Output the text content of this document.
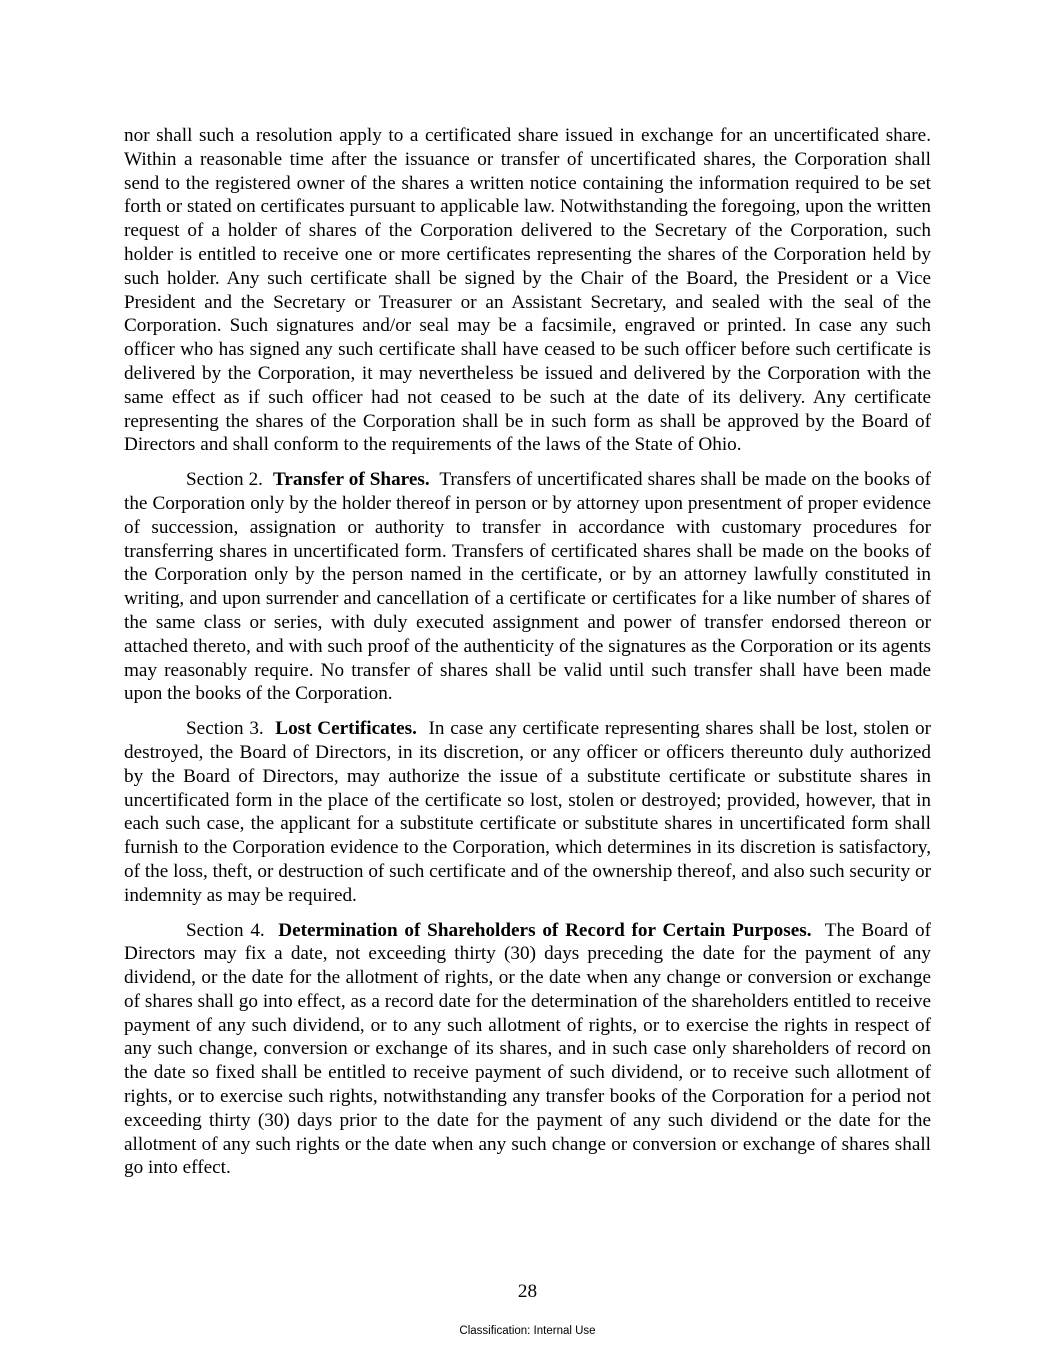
nor shall such a resolution apply to a certificated share issued in exchange for an uncertificated share. Within a reasonable time after the issuance or transfer of uncertificated shares, the Corporation shall send to the registered owner of the shares a written notice containing the information required to be set forth or stated on certificates pursuant to applicable law. Notwithstanding the foregoing, upon the written request of a holder of shares of the Corporation delivered to the Secretary of the Corporation, such holder is entitled to receive one or more certificates representing the shares of the Corporation held by such holder. Any such certificate shall be signed by the Chair of the Board, the President or a Vice President and the Secretary or Treasurer or an Assistant Secretary, and sealed with the seal of the Corporation. Such signatures and/or seal may be a facsimile, engraved or printed. In case any such officer who has signed any such certificate shall have ceased to be such officer before such certificate is delivered by the Corporation, it may nevertheless be issued and delivered by the Corporation with the same effect as if such officer had not ceased to be such at the date of its delivery. Any certificate representing the shares of the Corporation shall be in such form as shall be approved by the Board of Directors and shall conform to the requirements of the laws of the State of Ohio.

Section 2. Transfer of Shares. Transfers of uncertificated shares shall be made on the books of the Corporation only by the holder thereof in person or by attorney upon presentment of proper evidence of succession, assignation or authority to transfer in accordance with customary procedures for transferring shares in uncertificated form. Transfers of certificated shares shall be made on the books of the Corporation only by the person named in the certificate, or by an attorney lawfully constituted in writing, and upon surrender and cancellation of a certificate or certificates for a like number of shares of the same class or series, with duly executed assignment and power of transfer endorsed thereon or attached thereto, and with such proof of the authenticity of the signatures as the Corporation or its agents may reasonably require. No transfer of shares shall be valid until such transfer shall have been made upon the books of the Corporation.

Section 3. Lost Certificates. In case any certificate representing shares shall be lost, stolen or destroyed, the Board of Directors, in its discretion, or any officer or officers thereunto duly authorized by the Board of Directors, may authorize the issue of a substitute certificate or substitute shares in uncertificated form in the place of the certificate so lost, stolen or destroyed; provided, however, that in each such case, the applicant for a substitute certificate or substitute shares in uncertificated form shall furnish to the Corporation evidence to the Corporation, which determines in its discretion is satisfactory, of the loss, theft, or destruction of such certificate and of the ownership thereof, and also such security or indemnity as may be required.

Section 4. Determination of Shareholders of Record for Certain Purposes. The Board of Directors may fix a date, not exceeding thirty (30) days preceding the date for the payment of any dividend, or the date for the allotment of rights, or the date when any change or conversion or exchange of shares shall go into effect, as a record date for the determination of the shareholders entitled to receive payment of any such dividend, or to any such allotment of rights, or to exercise the rights in respect of any such change, conversion or exchange of its shares, and in such case only shareholders of record on the date so fixed shall be entitled to receive payment of such dividend, or to receive such allotment of rights, or to exercise such rights, notwithstanding any transfer books of the Corporation for a period not exceeding thirty (30) days prior to the date for the payment of any such dividend or the date for the allotment of any such rights or the date when any such change or conversion or exchange of shares shall go into effect.

28
Classification: Internal Use
